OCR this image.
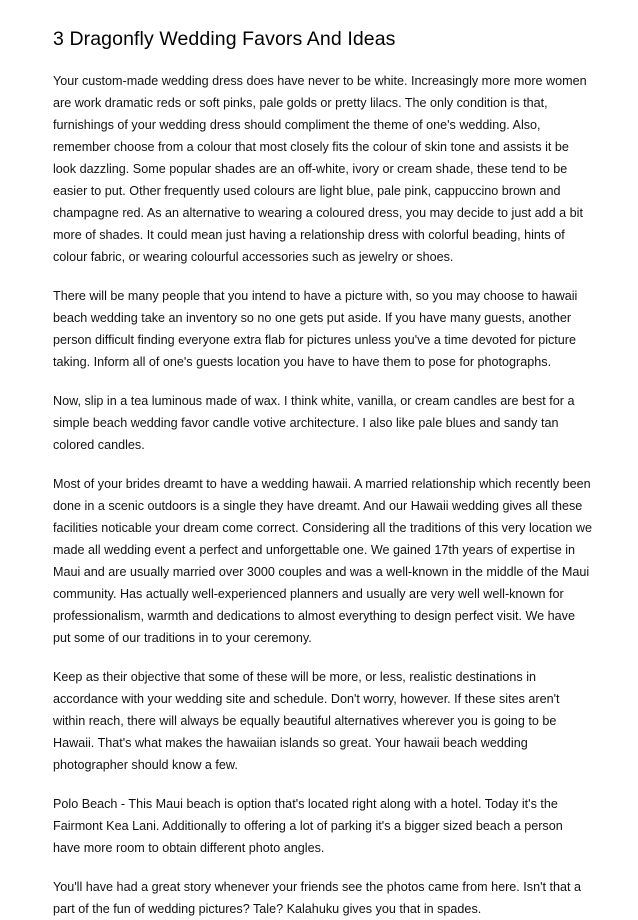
3 Dragonfly Wedding Favors And Ideas

Your custom-made wedding dress does have never to be white. Increasingly more more women are work dramatic reds or soft pinks, pale golds or pretty lilacs. The only condition is that, furnishings of your wedding dress should compliment the theme of one's wedding. Also, remember choose from a colour that most closely fits the colour of skin tone and assists it be look dazzling. Some popular shades are an off-white, ivory or cream shade, these tend to be easier to put. Other frequently used colours are light blue, pale pink, cappuccino brown and champagne red. As an alternative to wearing a coloured dress, you may decide to just add a bit more of shades. It could mean just having a relationship dress with colorful beading, hints of colour fabric, or wearing colourful accessories such as jewelry or shoes.

There will be many people that you intend to have a picture with, so you may choose to hawaii beach wedding take an inventory so no one gets put aside. If you have many guests, another person difficult finding everyone extra flab for pictures unless you've a time devoted for picture taking. Inform all of one's guests location you have to have them to pose for photographs.

Now, slip in a tea luminous made of wax. I think white, vanilla, or cream candles are best for a simple beach wedding favor candle votive architecture. I also like pale blues and sandy tan colored candles.

Most of your brides dreamt to have a wedding hawaii. A married relationship which recently been done in a scenic outdoors is a single they have dreamt. And our Hawaii wedding gives all these facilities noticable your dream come correct. Considering all the traditions of this very location we made all wedding event a perfect and unforgettable one. We gained 17th years of expertise in Maui and are usually married over 3000 couples and was a well-known in the middle of the Maui community. Has actually well-experienced planners and usually are very well well-known for professionalism, warmth and dedications to almost everything to design perfect visit. We have put some of our traditions in to your ceremony.

Keep as their objective that some of these will be more, or less, realistic destinations in accordance with your wedding site and schedule. Don't worry, however. If these sites aren't within reach, there will always be equally beautiful alternatives wherever you is going to be Hawaii. That's what makes the hawaiian islands so great. Your hawaii beach wedding photographer should know a few.

Polo Beach - This Maui beach is option that's located right along with a hotel. Today it's the Fairmont Kea Lani. Additionally to offering a lot of parking it's a bigger sized beach a person have more room to obtain different photo angles.

You'll have had a great story whenever your friends see the photos came from here. Isn't that a part of the fun of wedding pictures? Tale? Kalahuku gives you that in spades.
